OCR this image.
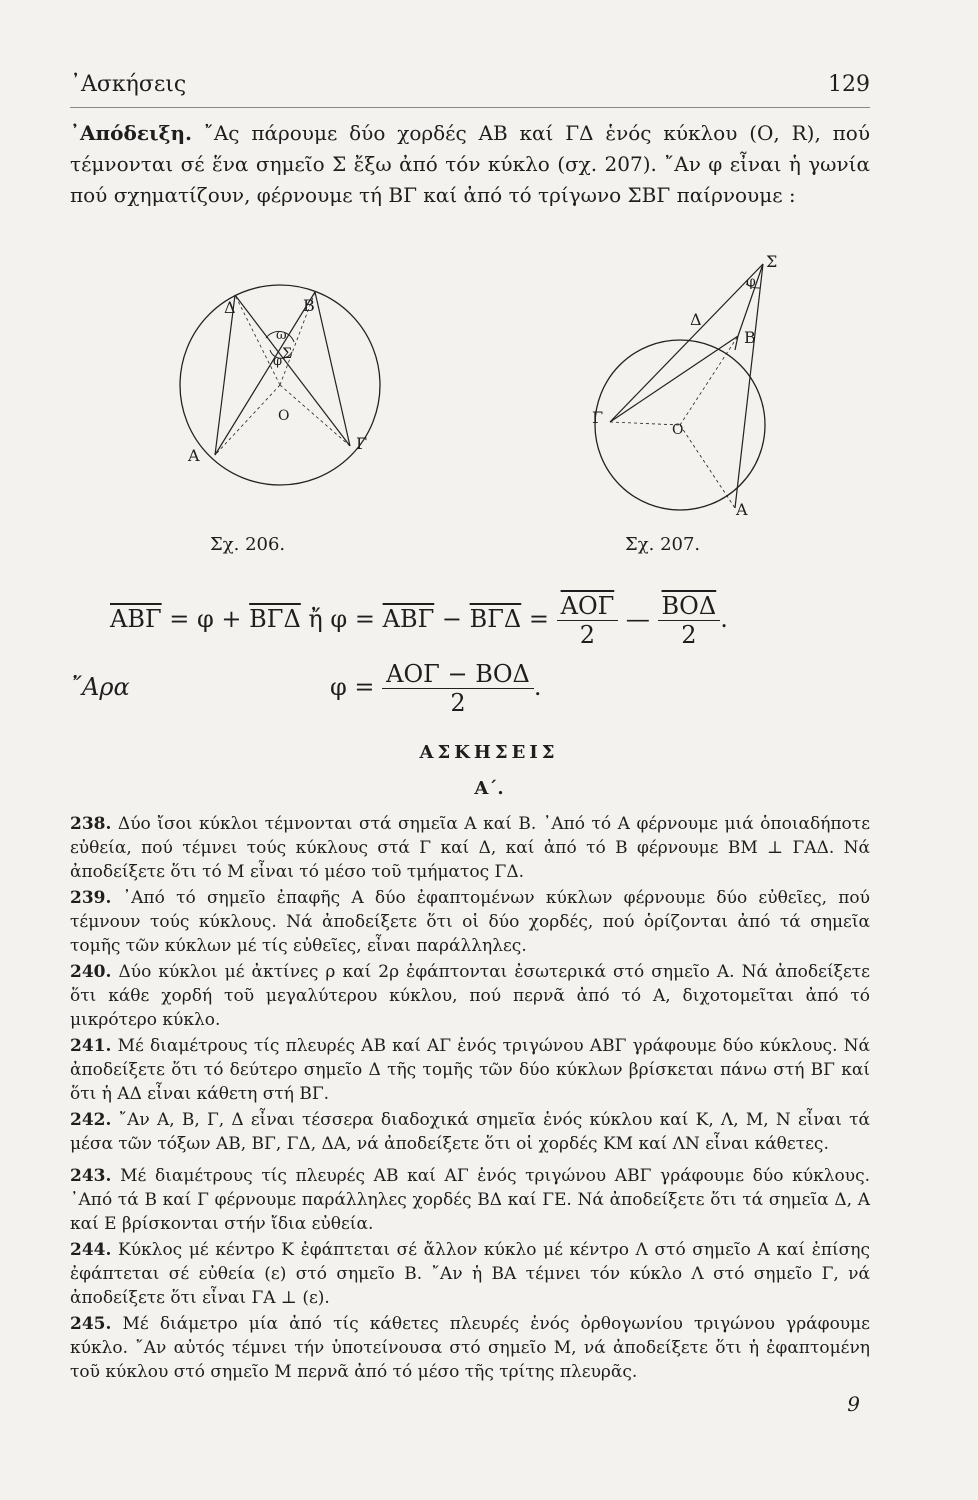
᾿Ασκήσεις	129
᾿Απόδειξη. ῎Ας πάρουμε δύο χορδές ΑΒ καί ΓΔ ἑνός κύκλου (Ο, R), πού τέμνονται σέ ἕνα σημεῖο Σ ἔξω ἀπό τόν κύκλο (σχ. 207). ῎Αν φ εἶναι ἡ γωνία πού σχηματίζουν, φέρνουμε τή ΒΓ καί ἀπό τό τρίγωνο ΣΒΓ παίρνουμε :
Δ	Β
Α
Γ
Ο
Σ
ω
φ
Σ
φ
Δ
Β
Γ
Ο
Α
Σχ. 206.	Σχ. 207.
$\overline{AB\Gamma} = \varphi + \overline{B\Gamma\Delta}$ ἤ $\varphi = \overline{AB\Gamma} - \overline{B\Gamma\Delta} = \overline{AO\Gamma}$
2
— $\overline{BO\Delta}$
2
.
῎Αρα	φ = ΑΟΓ − ΒΟΔ
2
.
ΑΣΚΗΣΕΙΣ
Α΄.
238. Δύο ἴσοι κύκλοι τέμνονται στά σημεῖα Α καί Β. ᾿Από τό Α φέρνουμε μιά ὁποιαδήποτε εὐθεία, πού τέμνει τούς κύκλους στά Γ καί Δ, καί ἀπό τό Β φέρνουμε ΒΜ ⊥ ΓΑΔ. Νά ἀποδείξετε ὅτι τό Μ εἶναι τό μέσο τοῦ τμήματος ΓΔ.
239. ᾿Από τό σημεῖο ἐπαφῆς Α δύο ἐφαπτομένων κύκλων φέρνουμε δύο εὐθεῖες, πού τέμνουν τούς κύκλους. Νά ἀποδείξετε ὅτι οἱ δύο χορδές, πού ὁρίζονται ἀπό τά σημεῖα τομῆς τῶν κύκλων μέ τίς εὐθεῖες, εἶναι παράλληλες.
240. Δύο κύκλοι μέ ἀκτίνες ρ καί 2ρ ἐφάπτονται ἐσωτερικά στό σημεῖο Α. Νά ἀποδείξετε ὅτι κάθε χορδή τοῦ μεγαλύτερου κύκλου, πού περνᾶ ἀπό τό Α, διχοτομεῖται ἀπό τό μικρότερο κύκλο.
241. Μέ διαμέτρους τίς πλευρές ΑΒ καί ΑΓ ἑνός τριγώνου ΑΒΓ γράφουμε δύο κύκλους. Νά ἀποδείξετε ὅτι τό δεύτερο σημεῖο Δ τῆς τομῆς τῶν δύο κύκλων βρίσκεται πάνω στή ΒΓ καί ὅτι ἡ ΑΔ εἶναι κάθετη στή ΒΓ.
242. ῎Αν Α, Β, Γ, Δ εἶναι τέσσερα διαδοχικά σημεῖα ἑνός κύκλου καί Κ, Λ, Μ, Ν εἶναι τά μέσα τῶν τόξων ΑΒ, ΒΓ, ΓΔ, ΔΑ, νά ἀποδείξετε ὅτι οἱ χορδές ΚΜ καί ΛΝ εἶναι κάθετες.
243. Μέ διαμέτρους τίς πλευρές ΑΒ καί ΑΓ ἑνός τριγώνου ΑΒΓ γράφουμε δύο κύκλους. ᾿Από τά Β καί Γ φέρνουμε παράλληλες χορδές ΒΔ καί ΓΕ. Νά ἀποδείξετε ὅτι τά σημεῖα Δ, Α καί Ε βρίσκονται στήν ἴδια εὐθεία.
244. Κύκλος μέ κέντρο Κ ἐφάπτεται σέ ἄλλον κύκλο μέ κέντρο Λ στό σημεῖο Α καί ἐπίσης ἐφάπτεται σέ εὐθεία (ε) στό σημεῖο Β. ῎Αν ἡ ΒΑ τέμνει τόν κύκλο Λ στό σημεῖο Γ, νά ἀποδείξετε ὅτι εἶναι ΓΑ ⊥ (ε).
245. Μέ διάμετρο μία ἀπό τίς κάθετες πλευρές ἑνός ὀρθογωνίου τριγώνου γράφουμε κύκλο. ῎Αν αὐτός τέμνει τήν ὑποτείνουσα στό σημεῖο Μ, νά ἀποδείξετε ὅτι ἡ ἐφαπτομένη τοῦ κύκλου στό σημεῖο Μ περνᾶ ἀπό τό μέσο τῆς τρίτης πλευρᾶς.
9
